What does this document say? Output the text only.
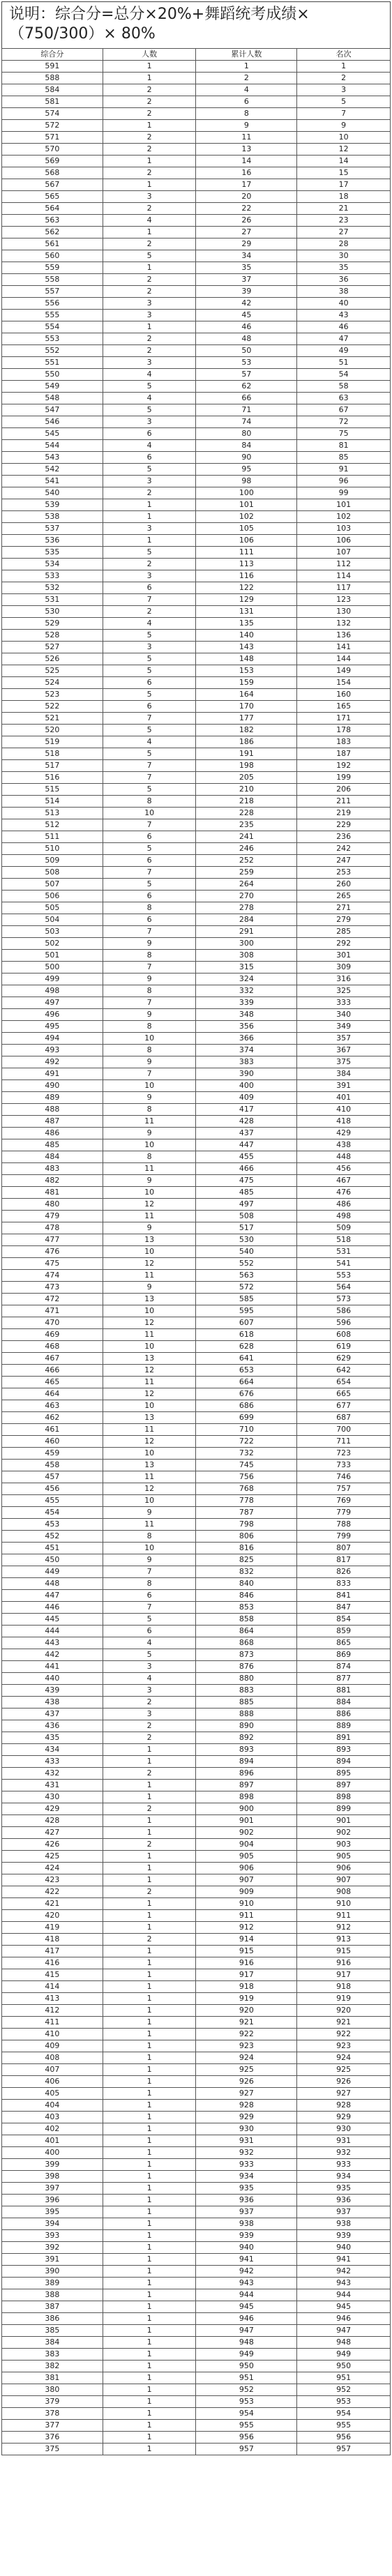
说明：综合分=总分×20%+舞蹈统考成绩×（750/300）× 80%
综合分	人数	累计人数	名次
591	1	1	1
588	1	2	2
584	2	4	3
581	2	6	5
574	2	8	7
572	1	9	9
571	2	11	10
570	2	13	12
569	1	14	14
568	2	16	15
567	1	17	17
565	3	20	18
564	2	22	21
563	4	26	23
562	1	27	27
561	2	29	28
560	5	34	30
559	1	35	35
558	2	37	36
557	2	39	38
556	3	42	40
555	3	45	43
554	1	46	46
553	2	48	47
552	2	50	49
551	3	53	51
550	4	57	54
549	5	62	58
548	4	66	63
547	5	71	67
546	3	74	72
545	6	80	75
544	4	84	81
543	6	90	85
542	5	95	91
541	3	98	96
540	2	100	99
539	1	101	101
538	1	102	102
537	3	105	103
536	1	106	106
535	5	111	107
534	2	113	112
533	3	116	114
532	6	122	117
531	7	129	123
530	2	131	130
529	4	135	132
528	5	140	136
527	3	143	141
526	5	148	144
525	5	153	149
524	6	159	154
523	5	164	160
522	6	170	165
521	7	177	171
520	5	182	178
519	4	186	183
518	5	191	187
517	7	198	192
516	7	205	199
515	5	210	206
514	8	218	211
513	10	228	219
512	7	235	229
511	6	241	236
510	5	246	242
509	6	252	247
508	7	259	253
507	5	264	260
506	6	270	265
505	8	278	271
504	6	284	279
503	7	291	285
502	9	300	292
501	8	308	301
500	7	315	309
499	9	324	316
498	8	332	325
497	7	339	333
496	9	348	340
495	8	356	349
494	10	366	357
493	8	374	367
492	9	383	375
491	7	390	384
490	10	400	391
489	9	409	401
488	8	417	410
487	11	428	418
486	9	437	429
485	10	447	438
484	8	455	448
483	11	466	456
482	9	475	467
481	10	485	476
480	12	497	486
479	11	508	498
478	9	517	509
477	13	530	518
476	10	540	531
475	12	552	541
474	11	563	553
473	9	572	564
472	13	585	573
471	10	595	586
470	12	607	596
469	11	618	608
468	10	628	619
467	13	641	629
466	12	653	642
465	11	664	654
464	12	676	665
463	10	686	677
462	13	699	687
461	11	710	700
460	12	722	711
459	10	732	723
458	13	745	733
457	11	756	746
456	12	768	757
455	10	778	769
454	9	787	779
453	11	798	788
452	8	806	799
451	10	816	807
450	9	825	817
449	7	832	826
448	8	840	833
447	6	846	841
446	7	853	847
445	5	858	854
444	6	864	859
443	4	868	865
442	5	873	869
441	3	876	874
440	4	880	877
439	3	883	881
438	2	885	884
437	3	888	886
436	2	890	889
435	2	892	891
434	1	893	893
433	1	894	894
432	2	896	895
431	1	897	897
430	1	898	898
429	2	900	899
428	1	901	901
427	1	902	902
426	2	904	903
425	1	905	905
424	1	906	906
423	1	907	907
422	2	909	908
421	1	910	910
420	1	911	911
419	1	912	912
418	2	914	913
417	1	915	915
416	1	916	916
415	1	917	917
414	1	918	918
413	1	919	919
412	1	920	920
411	1	921	921
410	1	922	922
409	1	923	923
408	1	924	924
407	1	925	925
406	1	926	926
405	1	927	927
404	1	928	928
403	1	929	929
402	1	930	930
401	1	931	931
400	1	932	932
399	1	933	933
398	1	934	934
397	1	935	935
396	1	936	936
395	1	937	937
394	1	938	938
393	1	939	939
392	1	940	940
391	1	941	941
390	1	942	942
389	1	943	943
388	1	944	944
387	1	945	945
386	1	946	946
385	1	947	947
384	1	948	948
383	1	949	949
382	1	950	950
381	1	951	951
380	1	952	952
379	1	953	953
378	1	954	954
377	1	955	955
376	1	956	956
375	1	957	957
